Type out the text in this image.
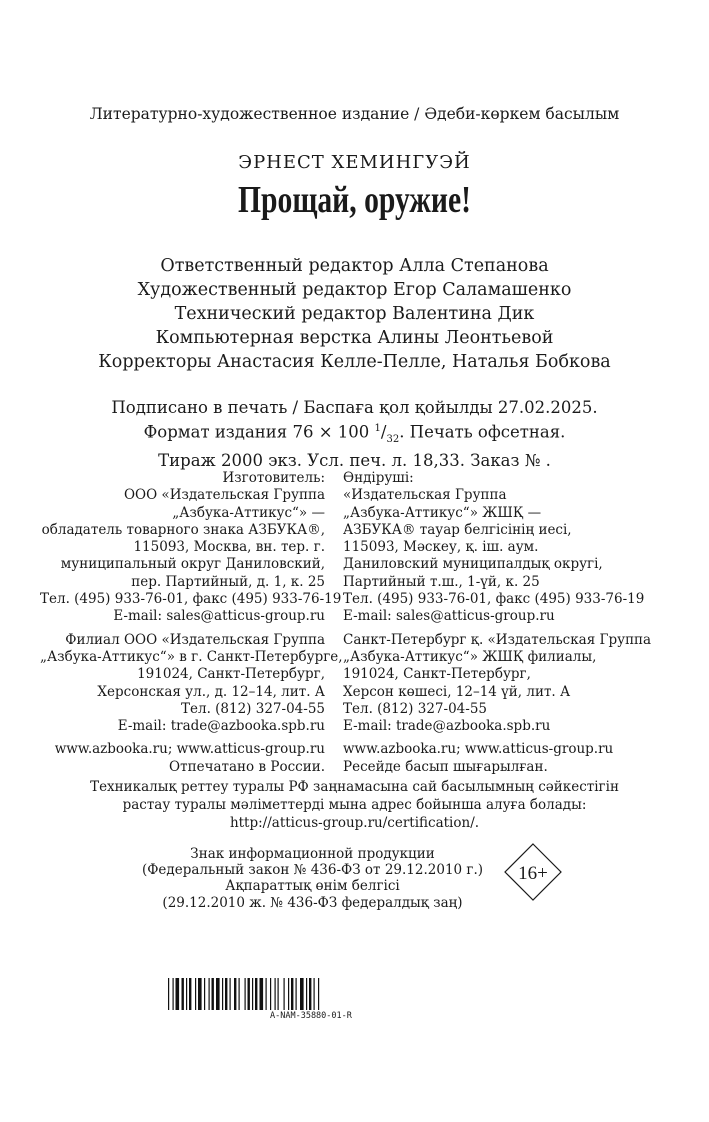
Литературно-художественное издание / Әдеби-көркем басылым
ЭРНЕСТ ХЕМИНГУЭЙ
Прощай, оружие!
Ответственный редактор Алла Степанова
Художественный редактор Егор Саламашенко
Технический редактор Валентина Дик
Компьютерная верстка Алины Леонтьевой
Корректоры Анастасия Келле-Пелле, Наталья Бобкова
Подписано в печать / Баспаға қол қойылды 27.02.2025.
Формат издания 76 × 100 $^1/_{32}$. Печать офсетная.
Тираж 2000 экз. Усл. печ. л. 18,33. Заказ № .
Изготовитель:
ООО «Издательская Группа
„Азбука-Аттикус“» —
обладатель товарного знака АЗБУКА®,
115093, Москва, вн. тер. г.
муниципальный округ Даниловский,
пер. Партийный, д. 1, к. 25
Тел. (495) 933-76-01, факс (495) 933-76-19
E-mail: sales@atticus-group.ru
Филиал ООО «Издательская Группа
„Азбука-Аттикус“» в г. Санкт-Петербурге,
191024, Санкт-Петербург,
Херсонская ул., д. 12–14, лит. А
Тел. (812) 327-04-55
E-mail: trade@azbooka.spb.ru
www.azbooka.ru; www.atticus-group.ru
Отпечатано в России.
Өндіруші:
«Издательская Группа
„Азбука-Аттикус“» ЖШҚ —
АЗБУКА® тауар белгісінің иесі,
115093, Мәскеу, қ. іш. аум.
Даниловский муниципалдық округі,
Партийный т.ш., 1-үй, к. 25
Тел. (495) 933-76-01, факс (495) 933-76-19
E-mail: sales@atticus-group.ru
Санкт-Петербург қ. «Издательская Группа
„Азбука-Аттикус“» ЖШҚ филиалы,
191024, Санкт-Петербург,
Херсон көшесі, 12–14 үй, лит. А
Тел. (812) 327-04-55
E-mail: trade@azbooka.spb.ru
www.azbooka.ru; www.atticus-group.ru
Ресейде басып шығарылған.
Техникалық реттеу туралы РФ заңнамасына сай басылымның сәйкестігін
растау туралы мәліметтерді мына адрес бойынша алуға болады:
http://atticus-group.ru/certification/.
Знак информационной продукции
(Федеральный закон № 436-ФЗ от 29.12.2010 г.)
Ақпараттық өнім белгісі
(29.12.2010 ж. № 436-ФЗ федералдық заң)
16+
A-NAM-35880-01-R
